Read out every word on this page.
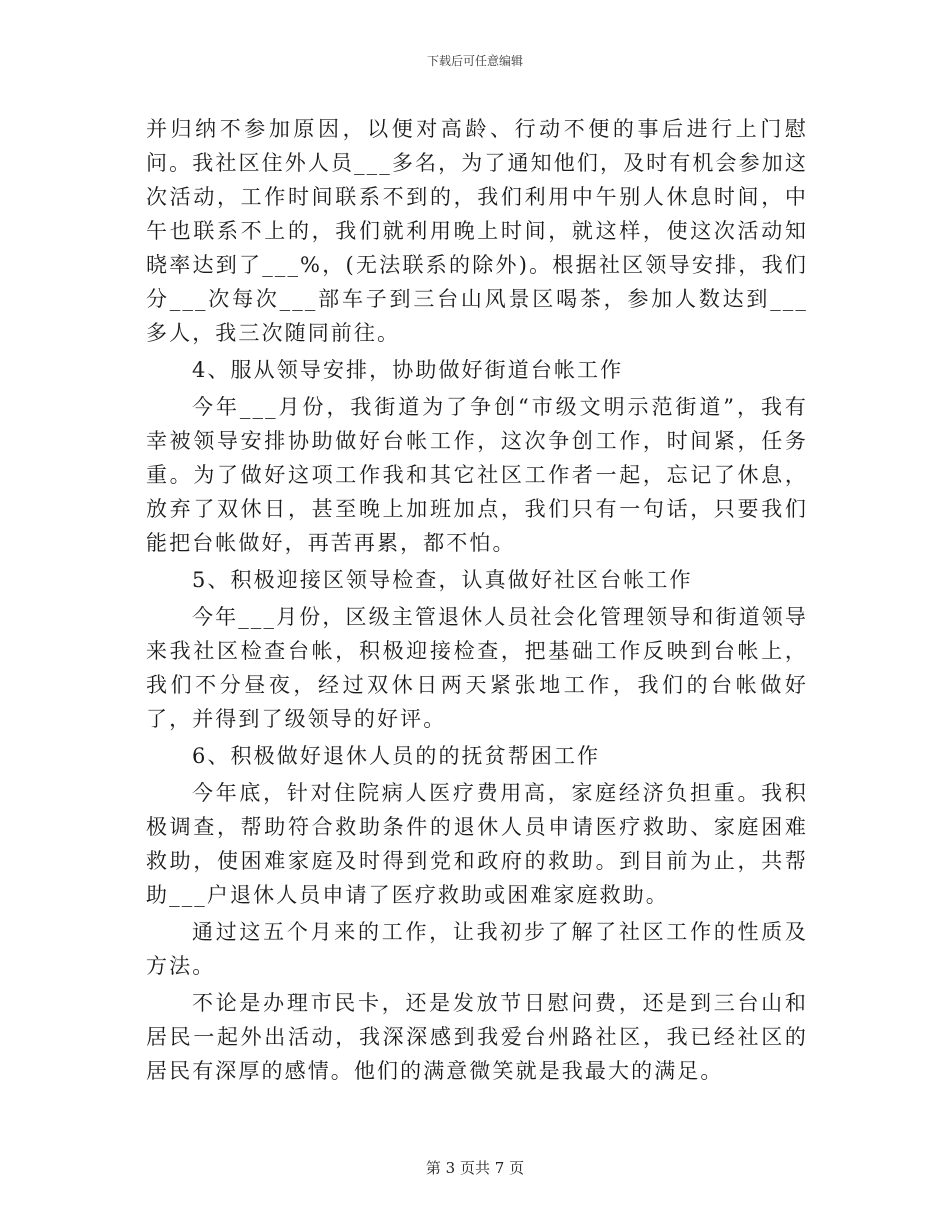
下载后可任意编辑

并归纳不参加原因，以便对高龄、行动不便的事后进行上门慰问。我社区住外人员___多名，为了通知他们，及时有机会参加这次活动，工作时间联系不到的，我们利用中午别人休息时间，中午也联系不上的，我们就利用晚上时间，就这样，使这次活动知晓率达到了___%，(无法联系的除外)。根据社区领导安排，我们分___次每次___部车子到三台山风景区喝茶，参加人数达到___多人，我三次随同前往。

4、服从领导安排，协助做好街道台帐工作

今年___月份，我街道为了争创“市级文明示范街道”，我有幸被领导安排协助做好台帐工作，这次争创工作，时间紧，任务重。为了做好这项工作我和其它社区工作者一起，忘记了休息，放弃了双休日，甚至晚上加班加点，我们只有一句话，只要我们能把台帐做好，再苦再累，都不怕。

5、积极迎接区领导检查，认真做好社区台帐工作

今年___月份，区级主管退休人员社会化管理领导和街道领导来我社区检查台帐，积极迎接检查，把基础工作反映到台帐上，我们不分昼夜，经过双休日两天紧张地工作，我们的台帐做好了，并得到了级领导的好评。

6、积极做好退休人员的的抚贫帮困工作

今年底，针对住院病人医疗费用高，家庭经济负担重。我积极调查，帮助符合救助条件的退休人员申请医疗救助、家庭困难救助，使困难家庭及时得到党和政府的救助。到目前为止，共帮助___户退休人员申请了医疗救助或困难家庭救助。

通过这五个月来的工作，让我初步了解了社区工作的性质及方法。

不论是办理市民卡，还是发放节日慰问费，还是到三台山和居民一起外出活动，我深深感到我爱台州路社区，我已经社区的居民有深厚的感情。他们的满意微笑就是我最大的满足。

第 3 页共 7 页
